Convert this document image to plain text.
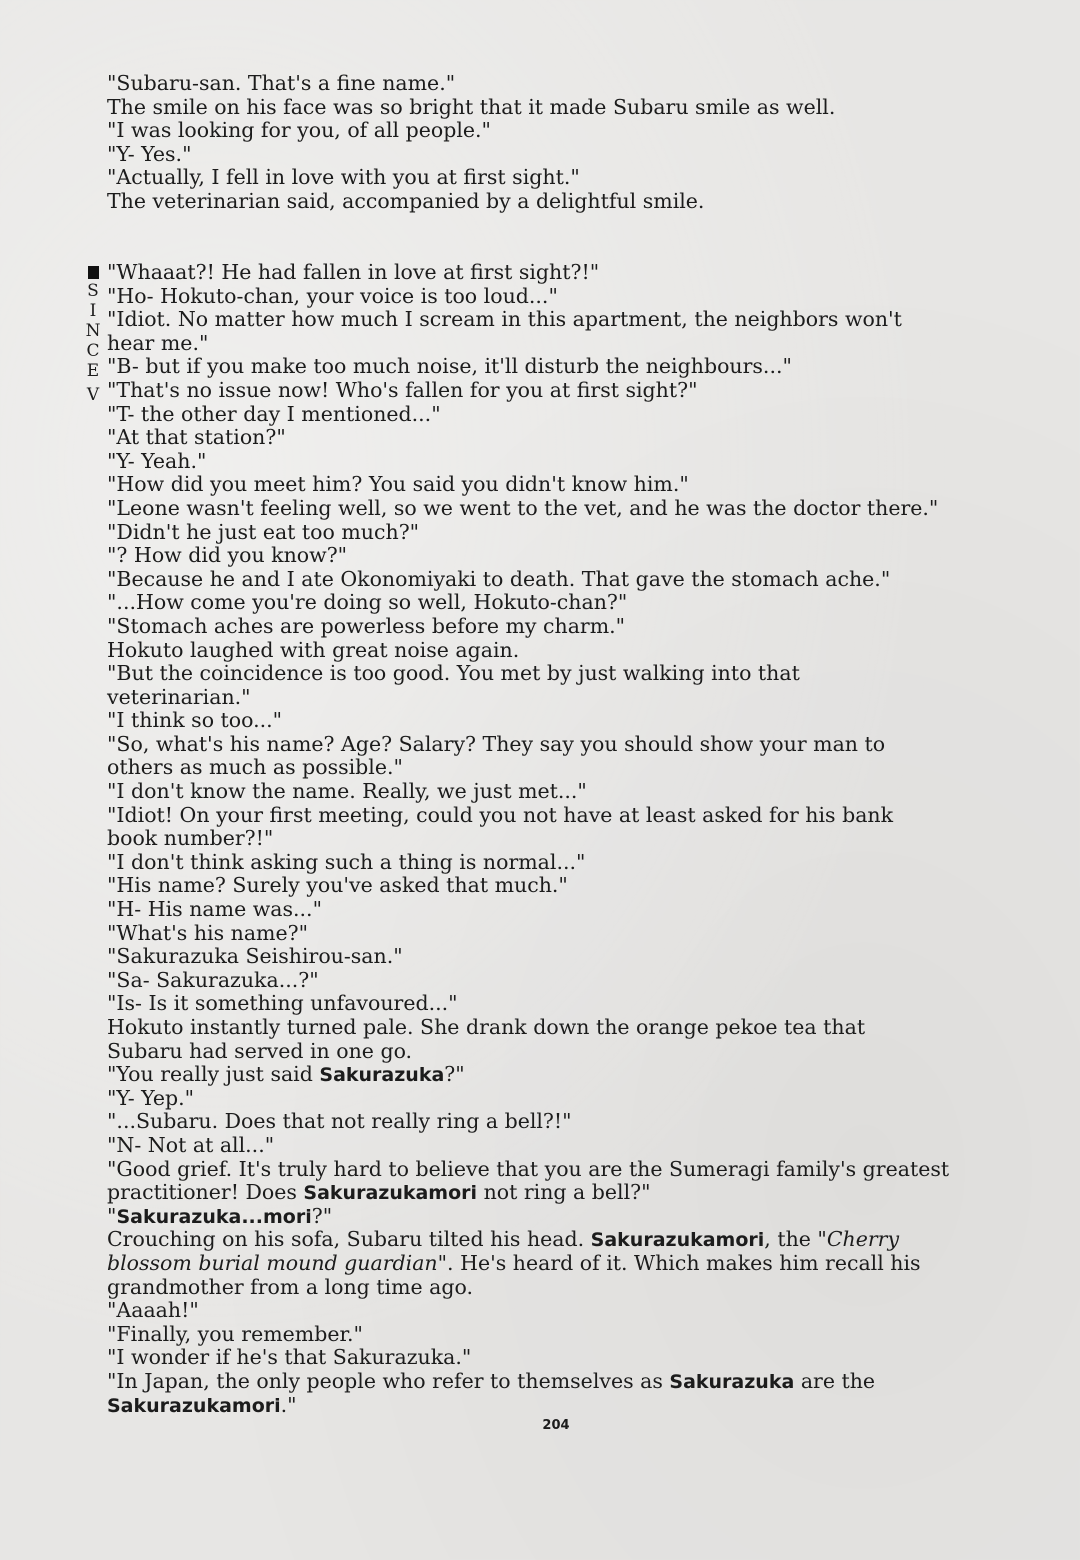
S
I
N
C
E
V
"Subaru-san. That's a fine name."
The smile on his face was so bright that it made Subaru smile as well.
"I was looking for you, of all people."
"Y- Yes."
"Actually, I fell in love with you at first sight."
The veterinarian said, accompanied by a delightful smile.
"Whaaat?! He had fallen in love at first sight?!"
"Ho- Hokuto-chan, your voice is too loud..."
"Idiot. No matter how much I scream in this apartment, the neighbors won't
hear me."
"B- but if you make too much noise, it'll disturb the neighbours..."
"That's no issue now! Who's fallen for you at first sight?"
"T- the other day I mentioned..."
"At that station?"
"Y- Yeah."
"How did you meet him? You said you didn't know him."
"Leone wasn't feeling well, so we went to the vet, and he was the doctor there."
"Didn't he just eat too much?"
"? How did you know?"
"Because he and I ate Okonomiyaki to death. That gave the stomach ache."
"...How come you're doing so well, Hokuto-chan?"
"Stomach aches are powerless before my charm."
Hokuto laughed with great noise again.
"But the coincidence is too good. You met by just walking into that
veterinarian."
"I think so too..."
"So, what's his name? Age? Salary? They say you should show your man to
others as much as possible."
"I don't know the name. Really, we just met..."
"Idiot! On your first meeting, could you not have at least asked for his bank
book number?!"
"I don't think asking such a thing is normal..."
"His name? Surely you've asked that much."
"H- His name was..."
"What's his name?"
"Sakurazuka Seishirou-san."
"Sa- Sakurazuka...?"
"Is- Is it something unfavoured..."
Hokuto instantly turned pale. She drank down the orange pekoe tea that
Subaru had served in one go.
"You really just said Sakurazuka?"
"Y- Yep."
"...Subaru. Does that not really ring a bell?!"
"N- Not at all..."
"Good grief. It's truly hard to believe that you are the Sumeragi family's greatest
practitioner! Does Sakurazukamori not ring a bell?"
"Sakurazuka...mori?"
Crouching on his sofa, Subaru tilted his head. Sakurazukamori, the "Cherry
blossom burial mound guardian". He's heard of it. Which makes him recall his
grandmother from a long time ago.
"Aaaah!"
"Finally, you remember."
"I wonder if he's that Sakurazuka."
"In Japan, the only people who refer to themselves as Sakurazuka are the
Sakurazukamori."
204
